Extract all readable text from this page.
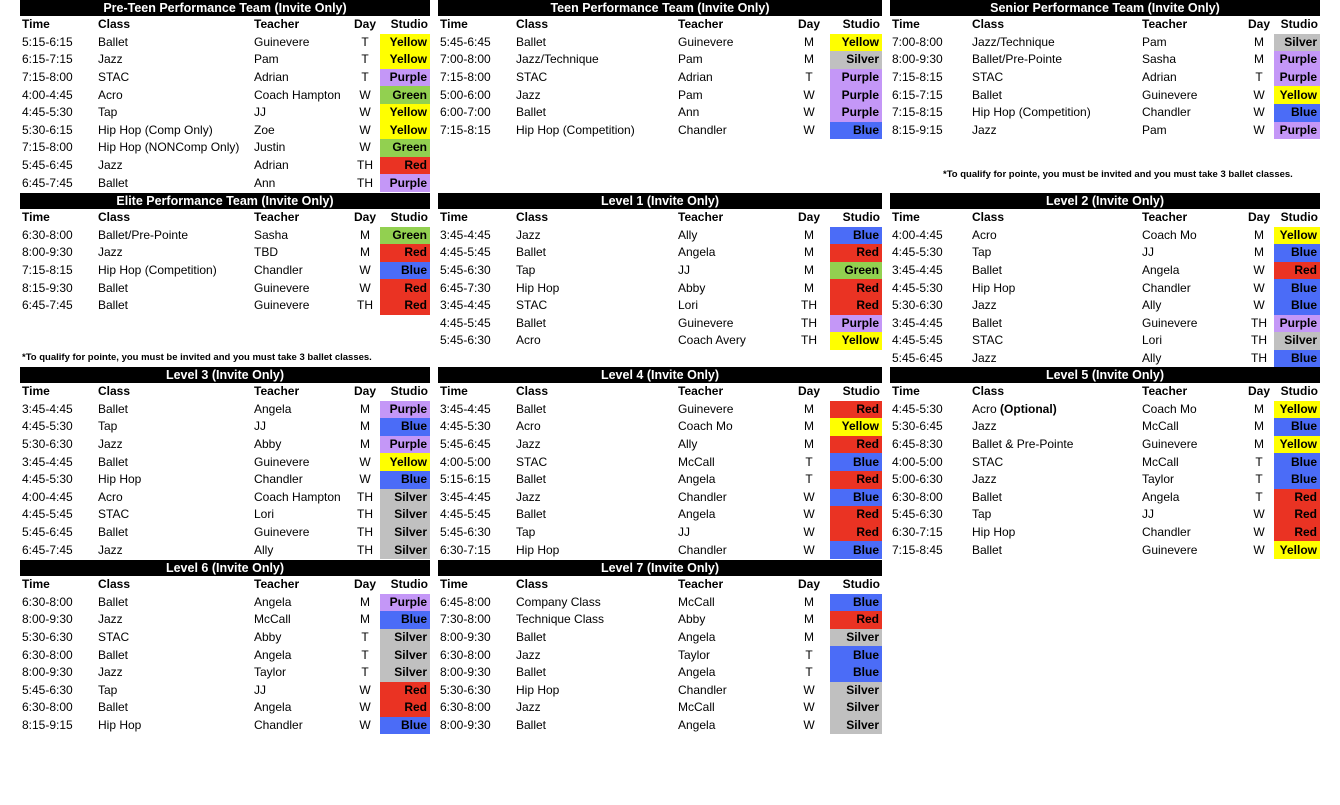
Pre-Teen Performance Team (Invite Only)
Time	Class	Teacher	Day	Studio
5:15-6:15	Ballet	Guinevere	T	Yellow
6:15-7:15	Jazz	Pam	T	Yellow
7:15-8:00	STAC	Adrian	T	Purple
4:00-4:45	Acro	Coach Hampton	W	Green
4:45-5:30	Tap	JJ	W	Yellow
5:30-6:15	Hip Hop (Comp Only)	Zoe	W	Yellow
7:15-8:00	Hip Hop (NONComp Only)	Justin	W	Green
5:45-6:45	Jazz	Adrian	TH	Red
6:45-7:45	Ballet	Ann	TH	Purple
Teen Performance Team (Invite Only)
Time	Class	Teacher	Day	Studio
5:45-6:45	Ballet	Guinevere	M	Yellow
7:00-8:00	Jazz/Technique	Pam	M	Silver
7:15-8:00	STAC	Adrian	T	Purple
5:00-6:00	Jazz	Pam	W	Purple
6:00-7:00	Ballet	Ann	W	Purple
7:15-8:15	Hip Hop (Competition)	Chandler	W	Blue
Senior Performance Team (Invite Only)
Time	Class	Teacher	Day	Studio
7:00-8:00	Jazz/Technique	Pam	M	Silver
8:00-9:30	Ballet/Pre-Pointe	Sasha	M	Purple
7:15-8:15	STAC	Adrian	T	Purple
6:15-7:15	Ballet	Guinevere	W	Yellow
7:15-8:15	Hip Hop (Competition)	Chandler	W	Blue
8:15-9:15	Jazz	Pam	W	Purple
Elite Performance Team (Invite Only)
Time	Class	Teacher	Day	Studio
6:30-8:00	Ballet/Pre-Pointe	Sasha	M	Green
8:00-9:30	Jazz	TBD	M	Red
7:15-8:15	Hip Hop (Competition)	Chandler	W	Blue
8:15-9:30	Ballet	Guinevere	W	Red
6:45-7:45	Ballet	Guinevere	TH	Red
Level 1 (Invite Only)
Time	Class	Teacher	Day	Studio
3:45-4:45	Jazz	Ally	M	Blue
4:45-5:45	Ballet	Angela	M	Red
5:45-6:30	Tap	JJ	M	Green
6:45-7:30	Hip Hop	Abby	M	Red
3:45-4:45	STAC	Lori	TH	Red
4:45-5:45	Ballet	Guinevere	TH	Purple
5:45-6:30	Acro	Coach Avery	TH	Yellow
Level 2 (Invite Only)
Time	Class	Teacher	Day	Studio
4:00-4:45	Acro	Coach Mo	M	Yellow
4:45-5:30	Tap	JJ	M	Blue
3:45-4:45	Ballet	Angela	W	Red
4:45-5:30	Hip Hop	Chandler	W	Blue
5:30-6:30	Jazz	Ally	W	Blue
3:45-4:45	Ballet	Guinevere	TH	Purple
4:45-5:45	STAC	Lori	TH	Silver
5:45-6:45	Jazz	Ally	TH	Blue
Level 3 (Invite Only)
Time	Class	Teacher	Day	Studio
3:45-4:45	Ballet	Angela	M	Purple
4:45-5:30	Tap	JJ	M	Blue
5:30-6:30	Jazz	Abby	M	Purple
3:45-4:45	Ballet	Guinevere	W	Yellow
4:45-5:30	Hip Hop	Chandler	W	Blue
4:00-4:45	Acro	Coach Hampton	TH	Silver
4:45-5:45	STAC	Lori	TH	Silver
5:45-6:45	Ballet	Guinevere	TH	Silver
6:45-7:45	Jazz	Ally	TH	Silver
Level 4 (Invite Only)
Time	Class	Teacher	Day	Studio
3:45-4:45	Ballet	Guinevere	M	Red
4:45-5:30	Acro	Coach Mo	M	Yellow
5:45-6:45	Jazz	Ally	M	Red
4:00-5:00	STAC	McCall	T	Blue
5:15-6:15	Ballet	Angela	T	Red
3:45-4:45	Jazz	Chandler	W	Blue
4:45-5:45	Ballet	Angela	W	Red
5:45-6:30	Tap	JJ	W	Red
6:30-7:15	Hip Hop	Chandler	W	Blue
Level 5 (Invite Only)
Time	Class	Teacher	Day	Studio
4:45-5:30	Acro (Optional)	Coach Mo	M	Yellow
5:30-6:45	Jazz	McCall	M	Blue
6:45-8:30	Ballet & Pre-Pointe	Guinevere	M	Yellow
4:00-5:00	STAC	McCall	T	Blue
5:00-6:30	Jazz	Taylor	T	Blue
6:30-8:00	Ballet	Angela	T	Red
5:45-6:30	Tap	JJ	W	Red
6:30-7:15	Hip Hop	Chandler	W	Red
7:15-8:45	Ballet	Guinevere	W	Yellow
Level 6 (Invite Only)
Time	Class	Teacher	Day	Studio
6:30-8:00	Ballet	Angela	M	Purple
8:00-9:30	Jazz	McCall	M	Blue
5:30-6:30	STAC	Abby	T	Silver
6:30-8:00	Ballet	Angela	T	Silver
8:00-9:30	Jazz	Taylor	T	Silver
5:45-6:30	Tap	JJ	W	Red
6:30-8:00	Ballet	Angela	W	Red
8:15-9:15	Hip Hop	Chandler	W	Blue
Level 7 (Invite Only)
Time	Class	Teacher	Day	Studio
6:45-8:00	Company Class	McCall	M	Blue
7:30-8:00	Technique Class	Abby	M	Red
8:00-9:30	Ballet	Angela	M	Silver
6:30-8:00	Jazz	Taylor	T	Blue
8:00-9:30	Ballet	Angela	T	Blue
5:30-6:30	Hip Hop	Chandler	W	Silver
6:30-8:00	Jazz	McCall	W	Silver
8:00-9:30	Ballet	Angela	W	Silver
*To qualify for pointe, you must be invited and you must take 3 ballet classes.
*To qualify for pointe, you must be invited and you must take 3 ballet classes.
